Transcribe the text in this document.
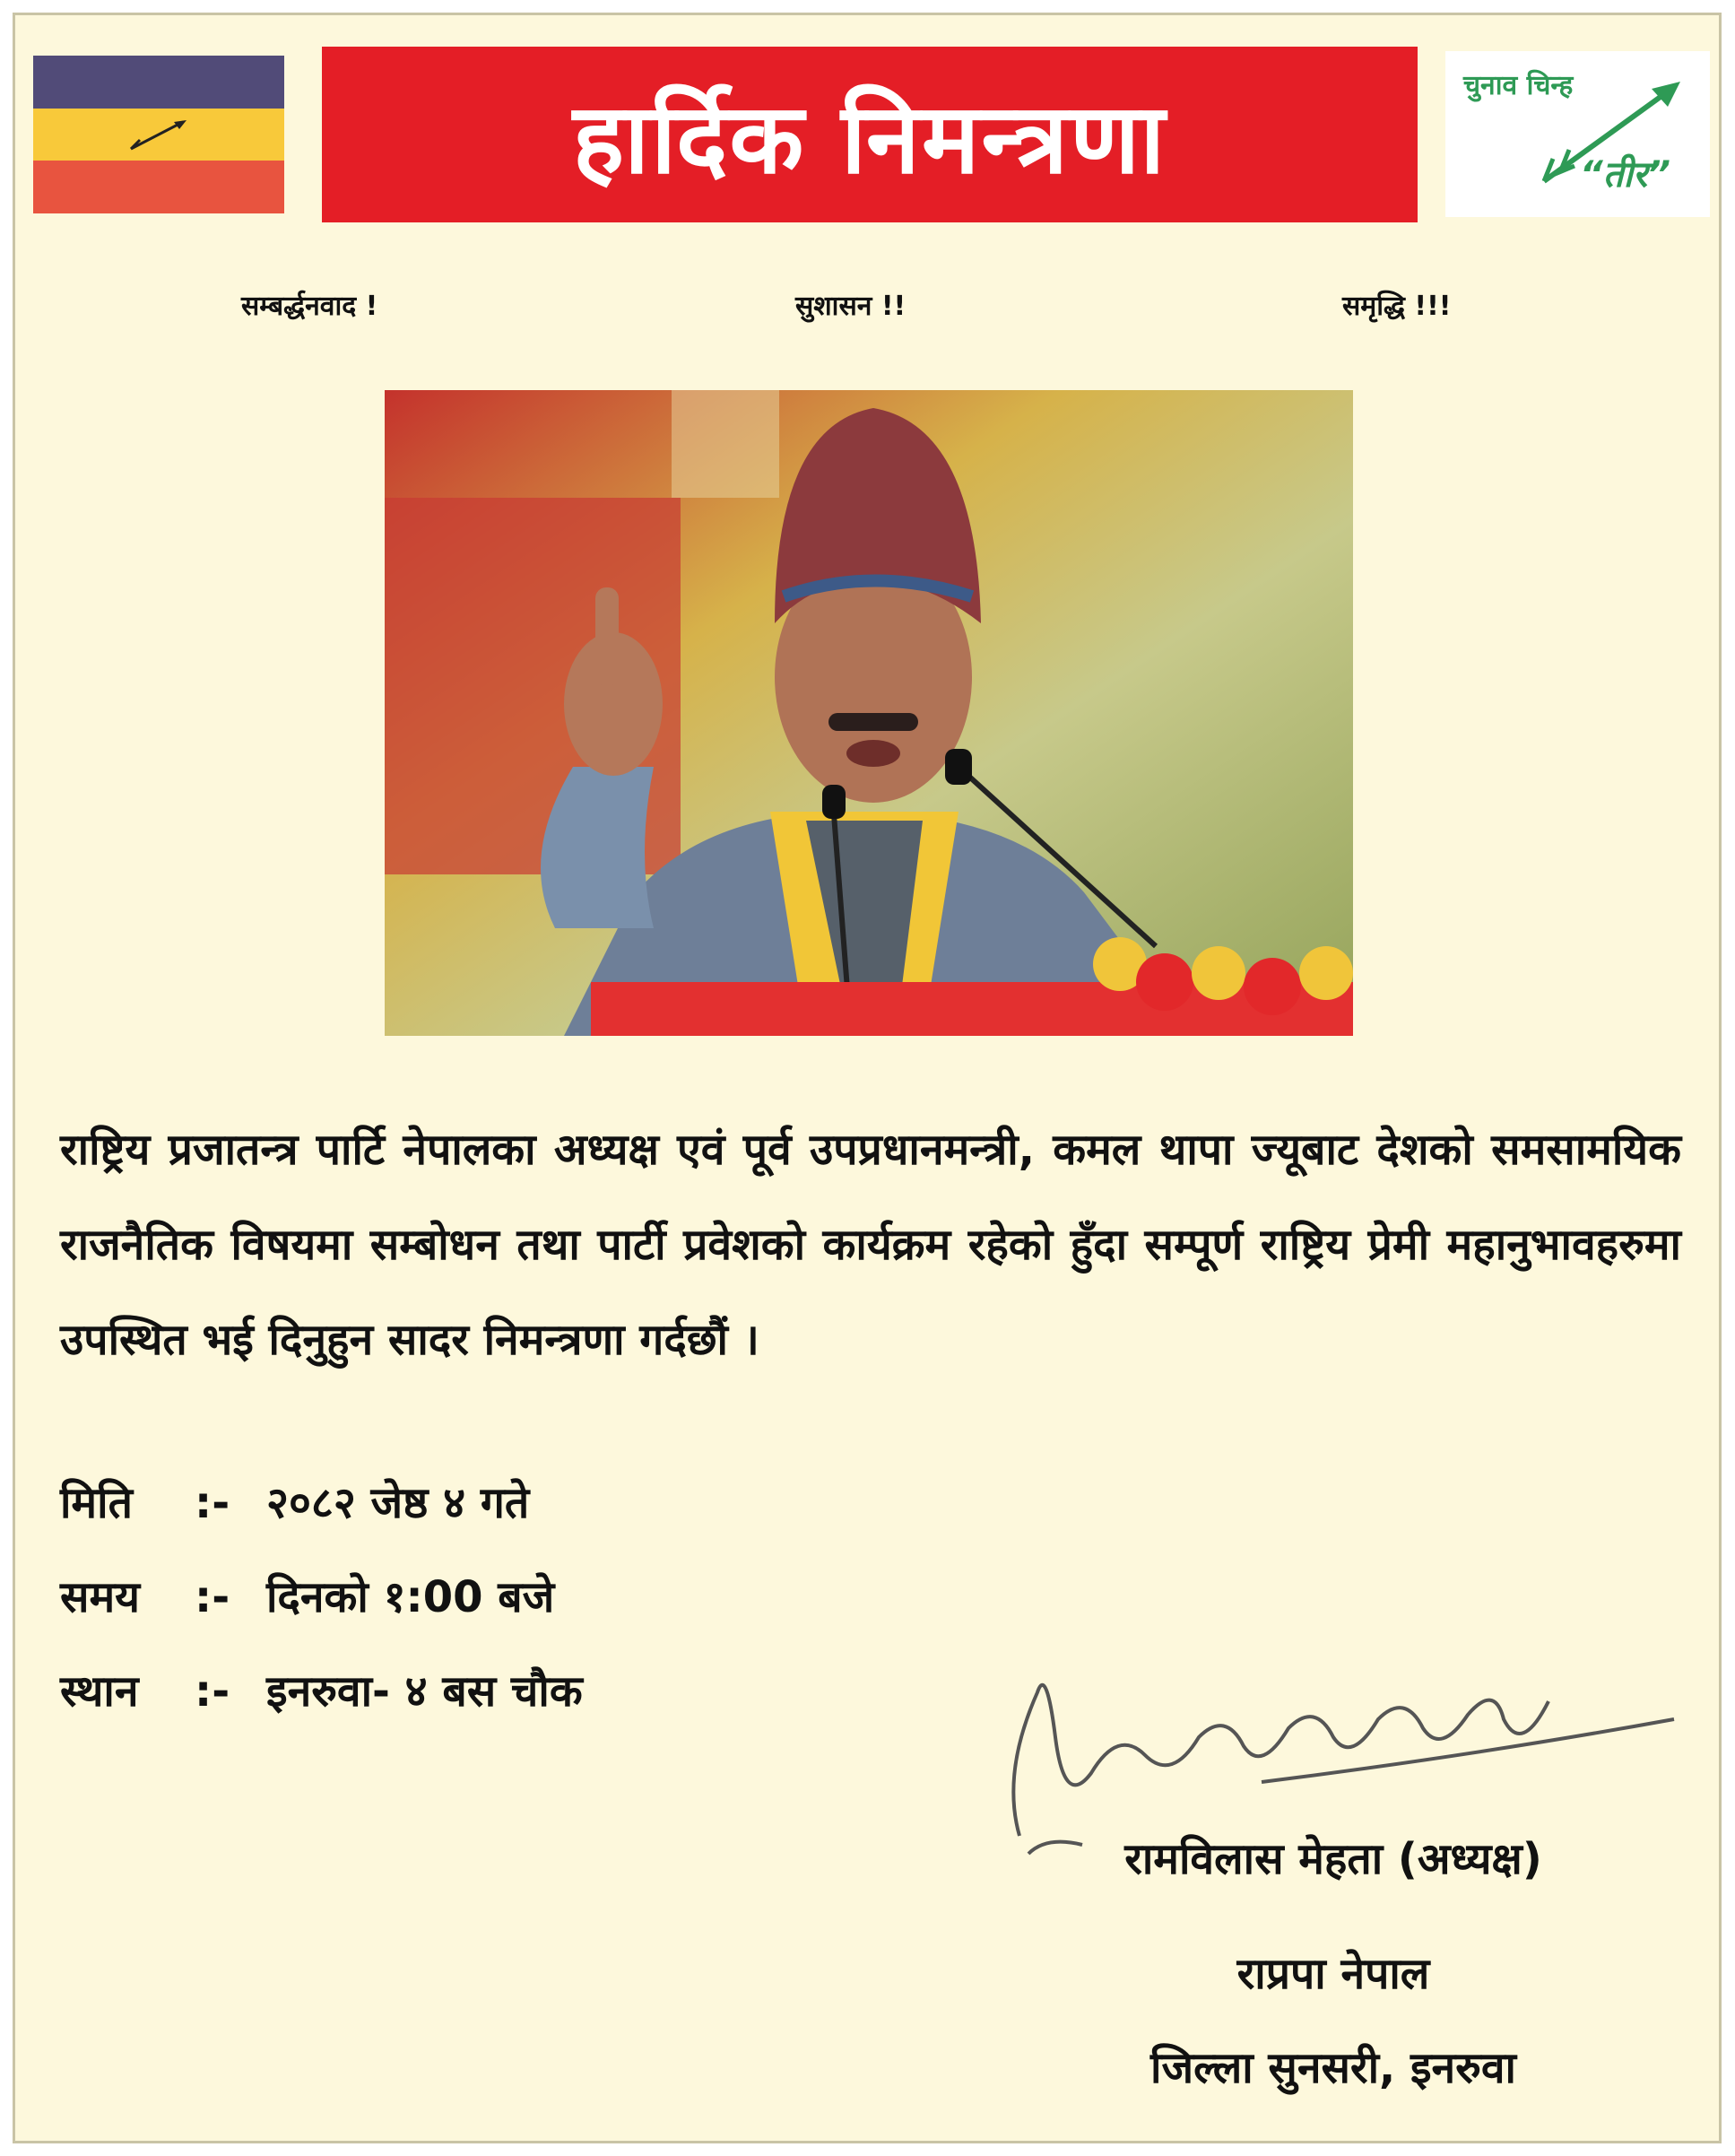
हार्दिक निमन्त्रणा	चुनाव चिन्ह
“तीर”
सम्बर्द्धनवाद !	सुशासन !!	समृद्धि !!!

राष्ट्रिय प्रजातन्त्र पार्टि नेपालका अध्यक्ष एवं पूर्व उपप्रधानमन्त्री, कमल थापा ज्यूबाट देशको समसामयिक राजनैतिक विषयमा सम्बोधन तथा पार्टी प्रवेशको कार्यक्रम रहेको हुँदा सम्पूर्ण राष्ट्रिय प्रेमी महानुभावहरुमा उपस्थित भई दिनुहुन सादर निमन्त्रणा गर्दछौं ।

मिति :- २०८२ जेष्ठ ४ गते
समय :- दिनको १:00 बजे
स्थान :- इनरुवा- ४ बस चौक
रामविलास मेहता (अध्यक्ष)
राप्रपा नेपाल
जिल्ला सुनसरी, इनरुवा
